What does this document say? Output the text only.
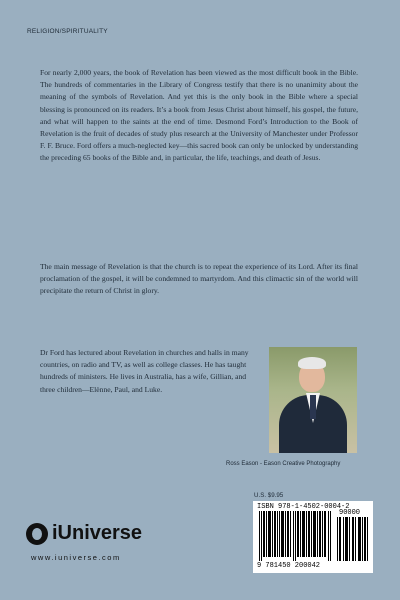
RELIGION/SPIRITUALITY

For nearly 2,000 years, the book of Revelation has been viewed as the most difficult book in the Bible. The hundreds of commentaries in the Library of Congress testify that there is no unanimity about the meaning of the symbols of Revelation. And yet this is the only book in the Bible where a special blessing is pronounced on its readers. It’s a book from Jesus Christ about himself, his gospel, the future, and what will happen to the saints at the end of time. Desmond Ford’s Introduction to the Book of Revelation is the fruit of decades of study plus research at the University of Manchester under Professor F. F. Bruce. Ford offers a much-neglected key—this sacred book can only be unlocked by understanding the preceding 65 books of the Bible and, in particular, the life, teachings, and death of Jesus.

The main message of Revelation is that the church is to repeat the experience of its Lord. After its final proclamation of the gospel, it will be condemned to martyrdom. And this climactic sin of the world will precipitate the return of Christ in glory.

Dr Ford has lectured about Revelation in churches and halls in many countries, on radio and TV, as well as college classes. He has taught hundreds of ministers. He lives in Australia, has a wife, Gillian, and three children—Elènne, Paul, and Luke.

Ross Eason - Eason Creative Photography
U.S. $9.95
ISBN 978-1-4502-0004-2
90000
9 781450 200042
iUniverse
www.iuniverse.com
